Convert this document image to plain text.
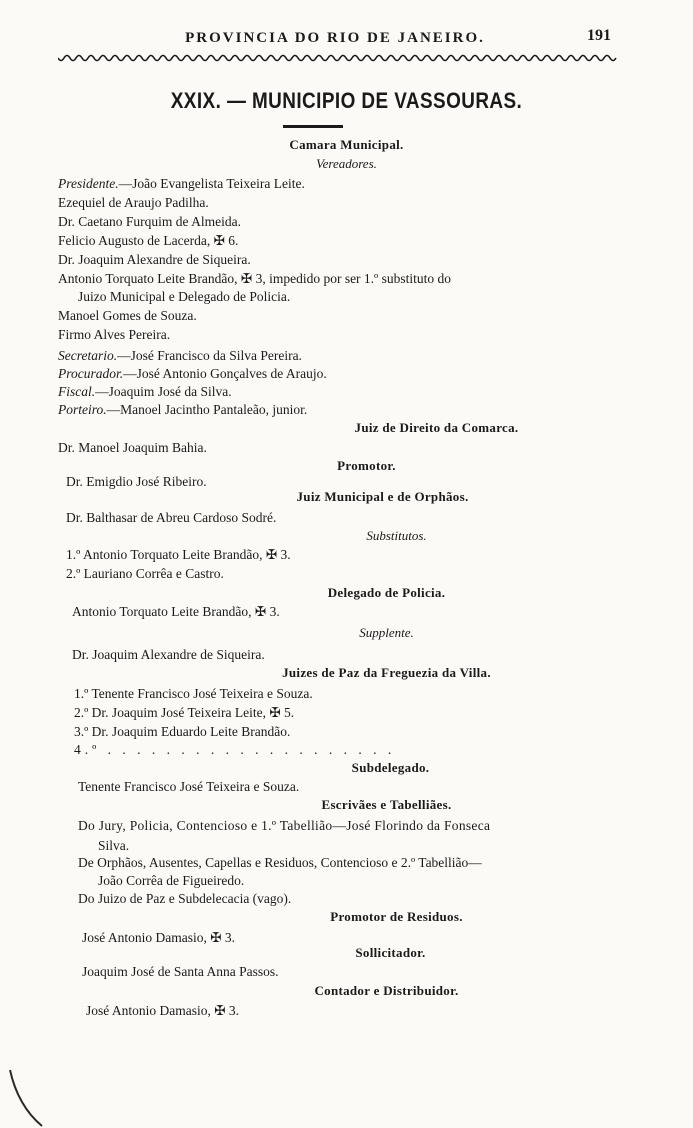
PROVINCIA DO RIO DE JANEIRO.	191
XXIX. — MUNICIPIO DE VASSOURAS.
Camara Municipal.
Vereadores.
Presidente.—João Evangelista Teixeira Leite.
Ezequiel de Araujo Padilha.
Dr. Caetano Furquim de Almeida.
Felicio Augusto de Lacerda, ✠ 6.
Dr. Joaquim Alexandre de Siqueira.
Antonio Torquato Leite Brandão, ✠ 3, impedido por ser 1.º substituto do
Juizo Municipal e Delegado de Policia.
Manoel Gomes de Souza.
Firmo Alves Pereira.
Secretario.—José Francisco da Silva Pereira.
Procurador.—José Antonio Gonçalves de Araujo.
Fiscal.—Joaquim José da Silva.
Porteiro.—Manoel Jacintho Pantaleão, junior.
Juiz de Direito da Comarca.
Dr. Manoel Joaquim Bahia.
Promotor.
Dr. Emigdio José Ribeiro.
Juiz Municipal e de Orphãos.
Dr. Balthasar de Abreu Cardoso Sodré.
Substitutos.
1.º Antonio Torquato Leite Brandão, ✠ 3.
2.º Lauriano Corrêa e Castro.
Delegado de Policia.
Antonio Torquato Leite Brandão, ✠ 3.
Supplente.
Dr. Joaquim Alexandre de Siqueira.
Juizes de Paz da Freguezia da Villa.
1.º Tenente Francisco José Teixeira e Souza.
2.º Dr. Joaquim José Teixeira Leite, ✠ 5.
3.º Dr. Joaquim Eduardo Leite Brandão.
4.º . . . . . . . . . . . . . . . . . . . .
Subdelegado.
Tenente Francisco José Teixeira e Souza.
Escrivães e Tabelliães.
Do Jury, Policia, Contencioso e 1.º Tabellião—José Florindo da Fonseca
Silva.
De Orphãos, Ausentes, Capellas e Residuos, Contencioso e 2.º Tabellião—
João Corrêa de Figueiredo.
Do Juizo de Paz e Subdelecacia (vago).
Promotor de Residuos.
José Antonio Damasio, ✠ 3.
Sollicitador.
Joaquim José de Santa Anna Passos.
Contador e Distribuidor.
José Antonio Damasio, ✠ 3.
